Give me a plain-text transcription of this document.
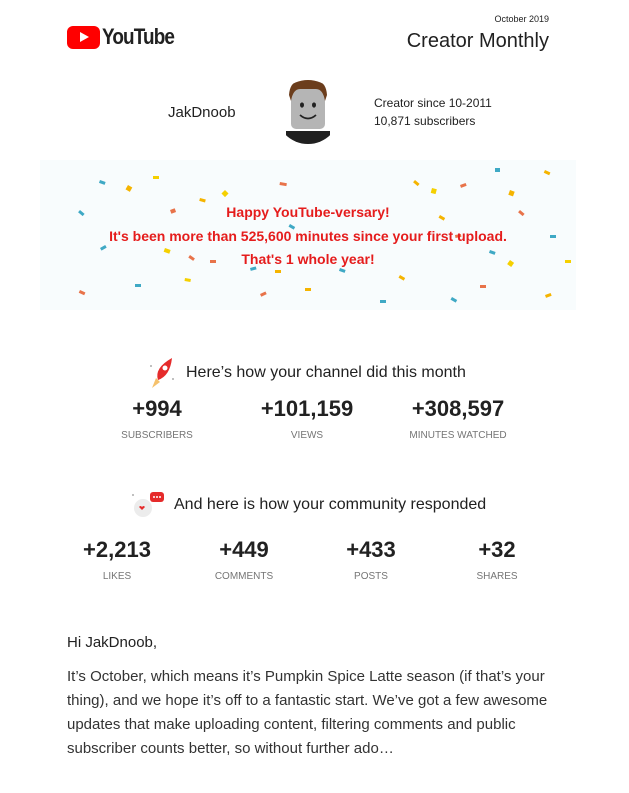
YouTube
October 2019
Creator Monthly
JakDnoob
Creator since 10-2011
10,871 subscribers
Happy YouTube-versary!
It's been more than 525,600 minutes since your first upload.
That's 1 whole year!
Here’s how your channel did this month
+994
SUBSCRIBERS
+101,159
VIEWS
+308,597
MINUTES WATCHED
And here is how your community responded
+2,213
LIKES
+449
COMMENTS
+433
POSTS
+32
SHARES
Hi JakDnoob,
It’s October, which means it’s Pumpkin Spice Latte season (if that’s your thing), and we hope it’s off to a fantastic start. We’ve got a few awesome updates that make uploading content, filtering comments and public subscriber counts better, so without further ado…
